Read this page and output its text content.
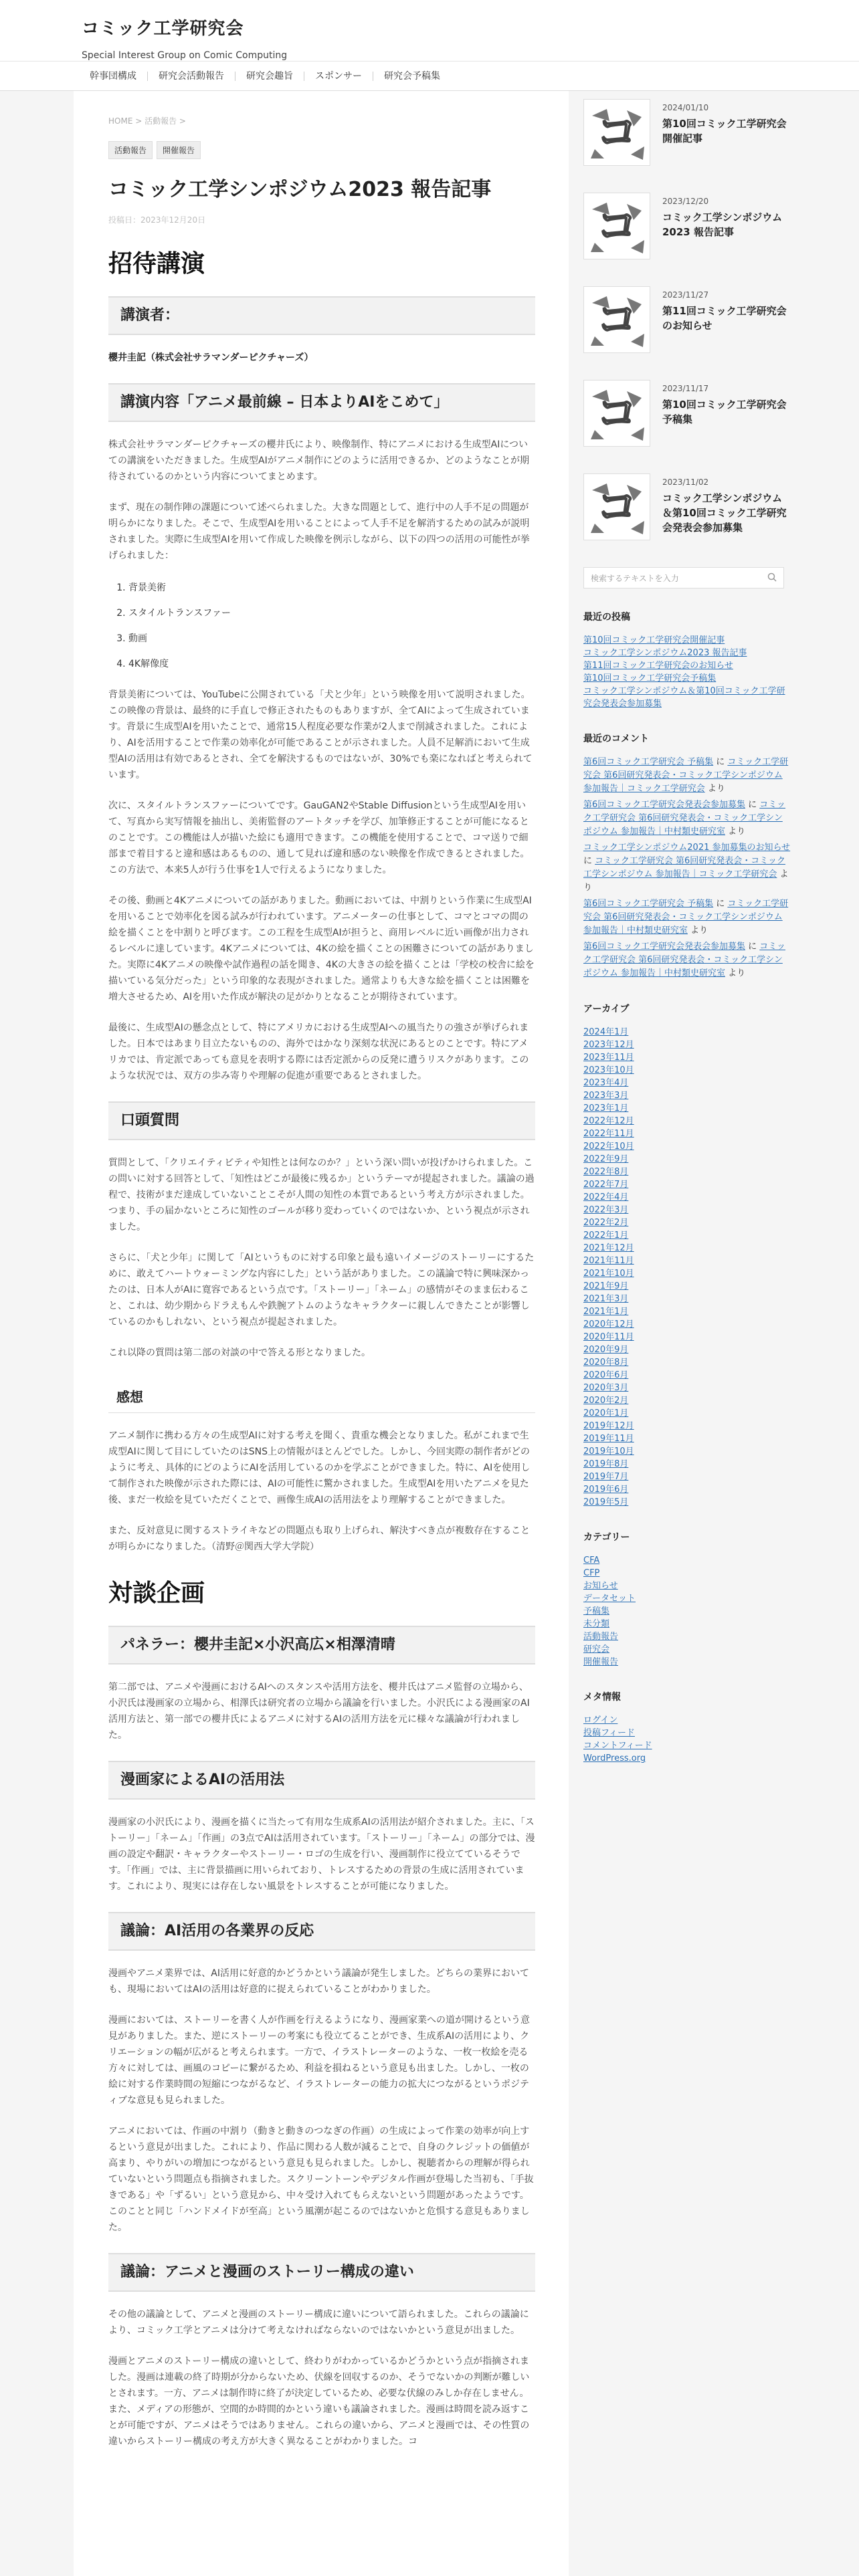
コミック工学研究会
Special Interest Group on Comic Computing
幹事団構成	研究会活動報告	研究会趣旨	スポンサー	研究会予稿集
HOME > 活動報告 >
活動報告	開催報告
コミック工学シンポジウム2023 報告記事
投稿日：2023年12月20日
招待講演
講演者：

櫻井圭記（株式会社サラマンダーピクチャーズ）

講演内容「アニメ最前線 – 日本よりAIをこめて」

株式会社サラマンダーピクチャーズの櫻井氏により、映像制作、特にアニメにおける生成型AIについての講演をいただきました。生成型AIがアニメ制作にどのように活用できるか、どのようなことが期待されているのかという内容についてまとめます。

まず、現在の制作陣の課題について述べられました。大きな問題として、進行中の人手不足の問題が明らかになりました。そこで、生成型AIを用いることによって人手不足を解消するための試みが説明されました。実際に生成型AIを用いて作成した映像を例示しながら、以下の四つの活用の可能性が挙げられました：

1. 背景美術
2. スタイルトランスファー
3. 動画
4. 4K解像度

背景美術については、YouTubeに公開されている「犬と少年」という映像を用いて説明されました。この映像の背景は、最終的に手直しで修正されたものもありますが、全てAIによって生成されています。背景に生成型AIを用いたことで、通常15人程度必要な作業が2人まで削減されました。これにより、AIを活用することで作業の効率化が可能であることが示されました。人員不足解消において生成型AIの活用は有効であるとされ、全てを解決するものではないが、30%でも楽になればと考えられています。

次に、スタイルトランスファーについてです。GauGAN2やStable Diffusionという生成型AIを用いて、写真から実写情報を抽出し、美術監督のアートタッチを学び、加筆修正することが可能になるとのことです。この機能は人が描いた絵にも適用できます。この機能を使用することで、コマ送りで細部まで着目すると違和感はあるものの、通して見れば違和感のない映像を作成できるとされました。この方法で、本来5人が行う仕事を1人で行えるようになりました。

その後、動画と4Kアニメについての話がありました。動画においては、中割りという作業に生成型AIを用いることで効率化を図る試みが行われています。アニメーターの仕事として、コマとコマの間の絵を描くことを中割りと呼びます。この工程を生成型AIが担うと、商用レベルに近い画像が出力されるレベルに達しています。4Kアニメについては、4Kの絵を描くことの困難さについての話がありました。実際に4Kアニメの映像や試作過程の話を聞き、4Kの大きさの絵を描くことは「学校の校舎に絵を描いている気分だった」という印象的な表現がされました。通常よりも大きな絵を描くことは困難を増大させるため、AIを用いた作成が解決の足がかりとなることが期待されています。

最後に、生成型AIの懸念点として、特にアメリカにおける生成型AIへの風当たりの強さが挙げられました。日本ではあまり目立たないものの、海外ではかなり深刻な状況にあるとのことです。特にアメリカでは、肯定派であっても意見を表明する際には否定派からの反発に遭うリスクがあります。このような状況では、双方の歩み寄りや理解の促進が重要であるとされました。

口頭質問

質問として、「クリエイティビティや知性とは何なのか？」という深い問いが投げかけられました。この問いに対する回答として、「知性はどこが最後に残るか」というテーマが提起されました。議論の過程で、技術がまだ達成していないことこそが人間の知性の本質であるという考え方が示されました。つまり、手の届かないところに知性のゴールが移り変わっていくのではないか、という視点が示されました。

さらに、「犬と少年」に関して「AIというものに対する印象と最も遠いイメージのストーリーにするために、敢えてハートウォーミングな内容にした」という話がありました。この議論で特に興味深かったのは、日本人がAIに寛容であるという点です。「ストーリー」「ネーム」の感情がそのまま伝わること、これは、幼少期からドラえもんや鉄腕アトムのようなキャラクターに親しんできたことが影響しているのかもしれない、という視点が提起されました。

これ以降の質問は第二部の対談の中で答える形となりました。

感想

アニメ制作に携わる方々の生成型AIに対する考えを聞く、貴重な機会となりました。私がこれまで生成型AIに関して目にしていたのはSNS上の情報がほとんどでした。しかし、今回実際の制作者がどのように考え、具体的にどのようにAIを活用しているのかを学ぶことができました。特に、AIを使用して制作された映像が示された際には、AIの可能性に驚かされました。生成型AIを用いたアニメを見た後、まだ一枚絵を見ていただくことで、画像生成AIの活用法をより理解することができました。

また、反対意見に関するストライキなどの問題点も取り上げられ、解決すべき点が複数存在することが明らかになりました。（清野＠関西大学大学院）

対談企画
パネラー：櫻井圭記×小沢高広×相澤清晴

第二部では、アニメや漫画におけるAIへのスタンスや活用方法を、櫻井氏はアニメ監督の立場から、小沢氏は漫画家の立場から、相澤氏は研究者の立場から議論を行いました。小沢氏による漫画家のAI活用方法と、第一部での櫻井氏によるアニメに対するAIの活用方法を元に様々な議論が行われました。

漫画家によるAIの活用法

漫画家の小沢氏により、漫画を描くに当たって有用な生成系AIの活用法が紹介されました。主に、「ストーリー」「ネーム」「作画」の3点でAIは活用されています。「ストーリー」「ネーム」の部分では、漫画の設定や翻訳・キャラクターやストーリー・ロゴの生成を行い、漫画制作に役立てているそうです。「作画」では、主に背景描画に用いられており、トレスするための背景の生成に活用されています。これにより、現実には存在しない風景をトレスすることが可能になりました。

議論：AI活用の各業界の反応

漫画やアニメ業界では、AI活用に好意的かどうかという議論が発生しました。どちらの業界においても、現場においてはAIの活用は好意的に捉えられていることがわかりました。

漫画においては、ストーリーを書く人が作画を行えるようになり、漫画家業への道が開けるという意見がありました。また、逆にストーリーの考案にも役立てることができ、生成系AIの活用により、クリエーションの幅が広がると考えられます。一方で、イラストレーターのような、一枚一枚絵を売る方々に対しては、画風のコピーに繋がるため、利益を損ねるという意見も出ました。しかし、一枚の絵に対する作業時間の短縮につながるなど、イラストレーターの能力の拡大につながるというポジティブな意見も見られました。

アニメにおいては、作画の中割り（動きと動きのつなぎの作画）の生成によって作業の効率が向上するという意見が出ました。これにより、作品に関わる人数が減ることで、自身のクレジットの価値が高まり、やりがいの増加につながるという意見も見られました。しかし、視聴者からの理解が得られていないという問題点も指摘されました。スクリーントーンやデジタル作画が登場した当初も、「手抜きである」や「ずるい」という意見から、中々受け入れてもらえないという問題があったようです。このことと同じ「ハンドメイドが至高」という風潮が起こるのではないかと危惧する意見もありました。

議論：アニメと漫画のストーリー構成の違い

その他の議論として、アニメと漫画のストーリー構成に違いについて語られました。これらの議論により、コミック工学とアニメは分けて考えなければならないのではないかという意見が出ました。

漫画とアニメのストーリー構成の違いとして、終わりがわかっているかどうかという点が指摘されました。漫画は連載の終了時期が分からないため、伏線を回収するのか、そうでないかの判断が難しいとされます。一方、アニメは制作時に終了が決定しているため、必要な伏線のみしか存在しません。また、メディアの形態が、空間的か時間的かという違いも議論されました。漫画は時間を読み返すことが可能ですが、アニメはそうではありません。これらの違いから、アニメと漫画では、その性質の違いからストーリー構成の考え方が大きく異なることがわかりました。コ

コ	2024/01/10
第10回コミック工学研究会開催記事
コ	2023/12/20
コミック工学シンポジウム2023 報告記事
コ	2023/11/27
第11回コミック工学研究会のお知らせ
コ	2023/11/17
第10回コミック工学研究会予稿集
コ	2023/11/02
コミック工学シンポジウム＆第10回コミック工学研究会発表会参加募集
検索するテキストを入力
最近の投稿
第10回コミック工学研究会開催記事
コミック工学シンポジウム2023 報告記事
第11回コミック工学研究会のお知らせ
第10回コミック工学研究会予稿集
コミック工学シンポジウム＆第10回コミック工学研究会発表会参加募集
最近のコメント
第6回コミック工学研究会 予稿集 に コミック工学研究会 第6回研究発表会・コミック工学シンポジウム 参加報告｜コミック工学研究会 より
第6回コミック工学研究会発表会参加募集 に コミック工学研究会 第6回研究発表会・コミック工学シンポジウム 参加報告｜中村類史研究室 より
コミック工学シンポジウム2021 参加募集のお知らせ に コミック工学研究会 第6回研究発表会・コミック工学シンポジウム 参加報告｜コミック工学研究会 より
第6回コミック工学研究会 予稿集 に コミック工学研究会 第6回研究発表会・コミック工学シンポジウム 参加報告｜中村類史研究室 より
第6回コミック工学研究会発表会参加募集 に コミック工学研究会 第6回研究発表会・コミック工学シンポジウム 参加報告｜中村類史研究室 より
アーカイブ
2024年1月
2023年12月
2023年11月
2023年10月
2023年4月
2023年3月
2023年1月
2022年12月
2022年11月
2022年10月
2022年9月
2022年8月
2022年7月
2022年4月
2022年3月
2022年2月
2022年1月
2021年12月
2021年11月
2021年10月
2021年9月
2021年3月
2021年1月
2020年12月
2020年11月
2020年9月
2020年8月
2020年6月
2020年3月
2020年2月
2020年1月
2019年12月
2019年11月
2019年10月
2019年8月
2019年7月
2019年6月
2019年5月
カテゴリー
CFA
CFP
お知らせ
データセット
予稿集
未分類
活動報告
研究会
開催報告
メタ情報
ログイン
投稿フィード
コメントフィード
WordPress.org
